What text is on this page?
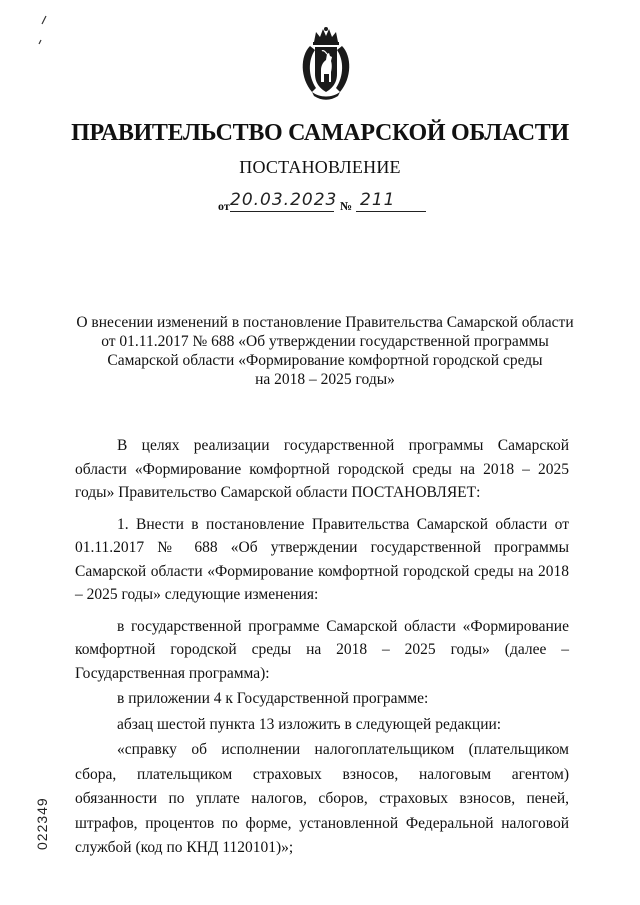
ПРАВИТЕЛЬСТВО САМАРСКОЙ ОБЛАСТИ
ПОСТАНОВЛЕНИЕ
от 20.03.2023 № 211
О внесении изменений в постановление Правительства Самарской области
от 01.11.2017 № 688 «Об утверждении государственной программы
Самарской области «Формирование комфортной городской среды
на 2018 – 2025 годы»

В целях реализации государственной программы Самарской области «Формирование комфортной городской среды на 2018 – 2025 годы» Правительство Самарской области ПОСТАНОВЛЯЕТ:

1. Внести в постановление Правительства Самарской области от 01.11.2017 № 688 «Об утверждении государственной программы Самарской области «Формирование комфортной городской среды на 2018 – 2025 годы» следующие изменения:

в государственной программе Самарской области «Формирование комфортной городской среды на 2018 – 2025 годы» (далее – Государственная программа):

в приложении 4 к Государственной программе:

абзац шестой пункта 13 изложить в следующей редакции:

«справку об исполнении налогоплательщиком (плательщиком сбора, плательщиком страховых взносов, налоговым агентом) обязанности по уплате налогов, сборов, страховых взносов, пеней, штрафов, процентов по форме, установленной Федеральной налоговой службой (код по КНД 1120101)»;

022349
